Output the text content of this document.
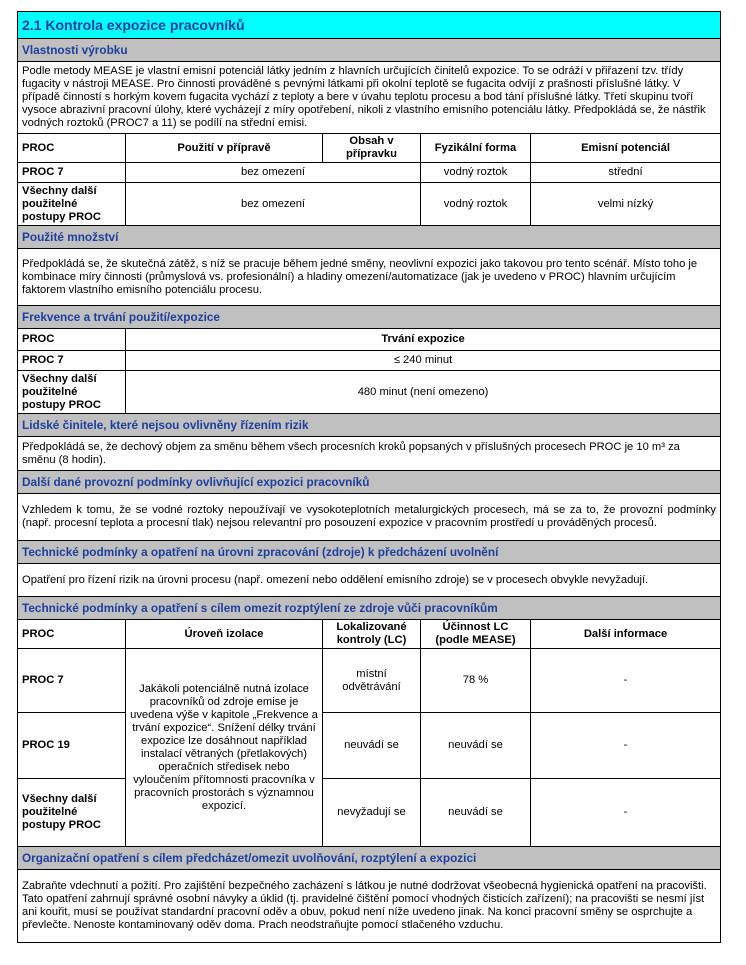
2.1 Kontrola expozice pracovníků				
Vlastnosti výrobku				
Podle metody MEASE je vlastní emisní potenciál látky jedním z hlavních určujících činitelů expozice. To se odráží v přiřazení tzv. třídy fugacity v nástroji MEASE. Pro činnosti prováděné s pevnými látkami při okolní teplotě se fugacita odvíjí z prašnosti příslušné látky. V případě činností s horkým kovem fugacita vychází z teploty a bere v úvahu teplotu procesu a bod tání příslušné látky. Třetí skupinu tvoří vysoce abrazivní pracovní úlohy, které vycházejí z míry opotřebení, nikoli z vlastního emisního potenciálu látky. Předpokládá se, že nástřik vodných roztoků (PROC7 a 11) se podílí na střední emisi.				
PROC	Použití v přípravě	Obsah v přípravku	Fyzikální forma	Emisní potenciál
PROC 7	bez omezení		vodný roztok	střední
Všechny další použitelné postupy PROC	bez omezení		vodný roztok	velmi nízký
Použité množství				
Předpokládá se, že skutečná zátěž, s níž se pracuje během jedné směny, neovlivní expozici jako takovou pro tento scénář. Místo toho je kombinace míry činnosti (průmyslová vs. profesionální) a hladiny omezení/automatizace (jak je uvedeno v PROC) hlavním určujícím faktorem vlastního emisního potenciálu procesu.				
Frekvence a trvání použití/expozice				
PROC	Trvání expozice			
PROC 7	≤ 240 minut			
Všechny další použitelné postupy PROC	480 minut (není omezeno)			
Lidské činitele, které nejsou ovlivněny řízením rizik				
Předpokládá se, že dechový objem za směnu během všech procesních kroků popsaných v příslušných procesech PROC je 10 m³ za směnu (8 hodin).				
Další dané provozní podmínky ovlivňující expozici pracovníků				
Vzhledem k tomu, že se vodné roztoky nepoužívají ve vysokoteplotních metalurgických procesech, má se za to, že provozní podmínky (např. procesní teplota a procesní tlak) nejsou relevantní pro posouzení expozice v pracovním prostředí u prováděných procesů.				
Technické podmínky a opatření na úrovni zpracování (zdroje) k předcházení uvolnění				
Opatření pro řízení rizik na úrovni procesu (např. omezení nebo oddělení emisního zdroje) se v procesech obvykle nevyžadují.				
Technické podmínky a opatření s cílem omezit rozptýlení ze zdroje vůči pracovníkům				
PROC	Úroveň izolace	Lokalizované kontroly (LC)	Účinnost LC (podle MEASE)	Další informace
PROC 7	Jakákoli potenciálně nutná izolace pracovníků od zdroje emise je uvedena výše v kapitole „Frekvence a trvání expozice“. Snížení délky trvání expozice lze dosáhnout například instalací větraných (přetlakových) operačních středisek nebo vyloučením přítomnosti pracovníka v pracovních prostorách s významnou expozicí.	místní odvětrávání	78 %	-
PROC 19		neuvádí se	neuvádí se	-
Všechny další použitelné postupy PROC		nevyžadují se	neuvádí se	-
Organizační opatření s cílem předcházet/omezit uvolňování, rozptýlení a expozici				
Zabraňte vdechnutí a požití. Pro zajištění bezpečného zacházení s látkou je nutné dodržovat všeobecná hygienická opatření na pracovišti. Tato opatření zahrnují správné osobní návyky a úklid (tj. pravidelné čištění pomocí vhodných čisticích zařízení); na pracovišti se nesmí jíst ani kouřit, musí se používat standardní pracovní oděv a obuv, pokud není níže uvedeno jinak. Na konci pracovní směny se osprchujte a převlečte. Nenoste kontaminovaný oděv doma. Prach neodstraňujte pomocí stlačeného vzduchu.				
